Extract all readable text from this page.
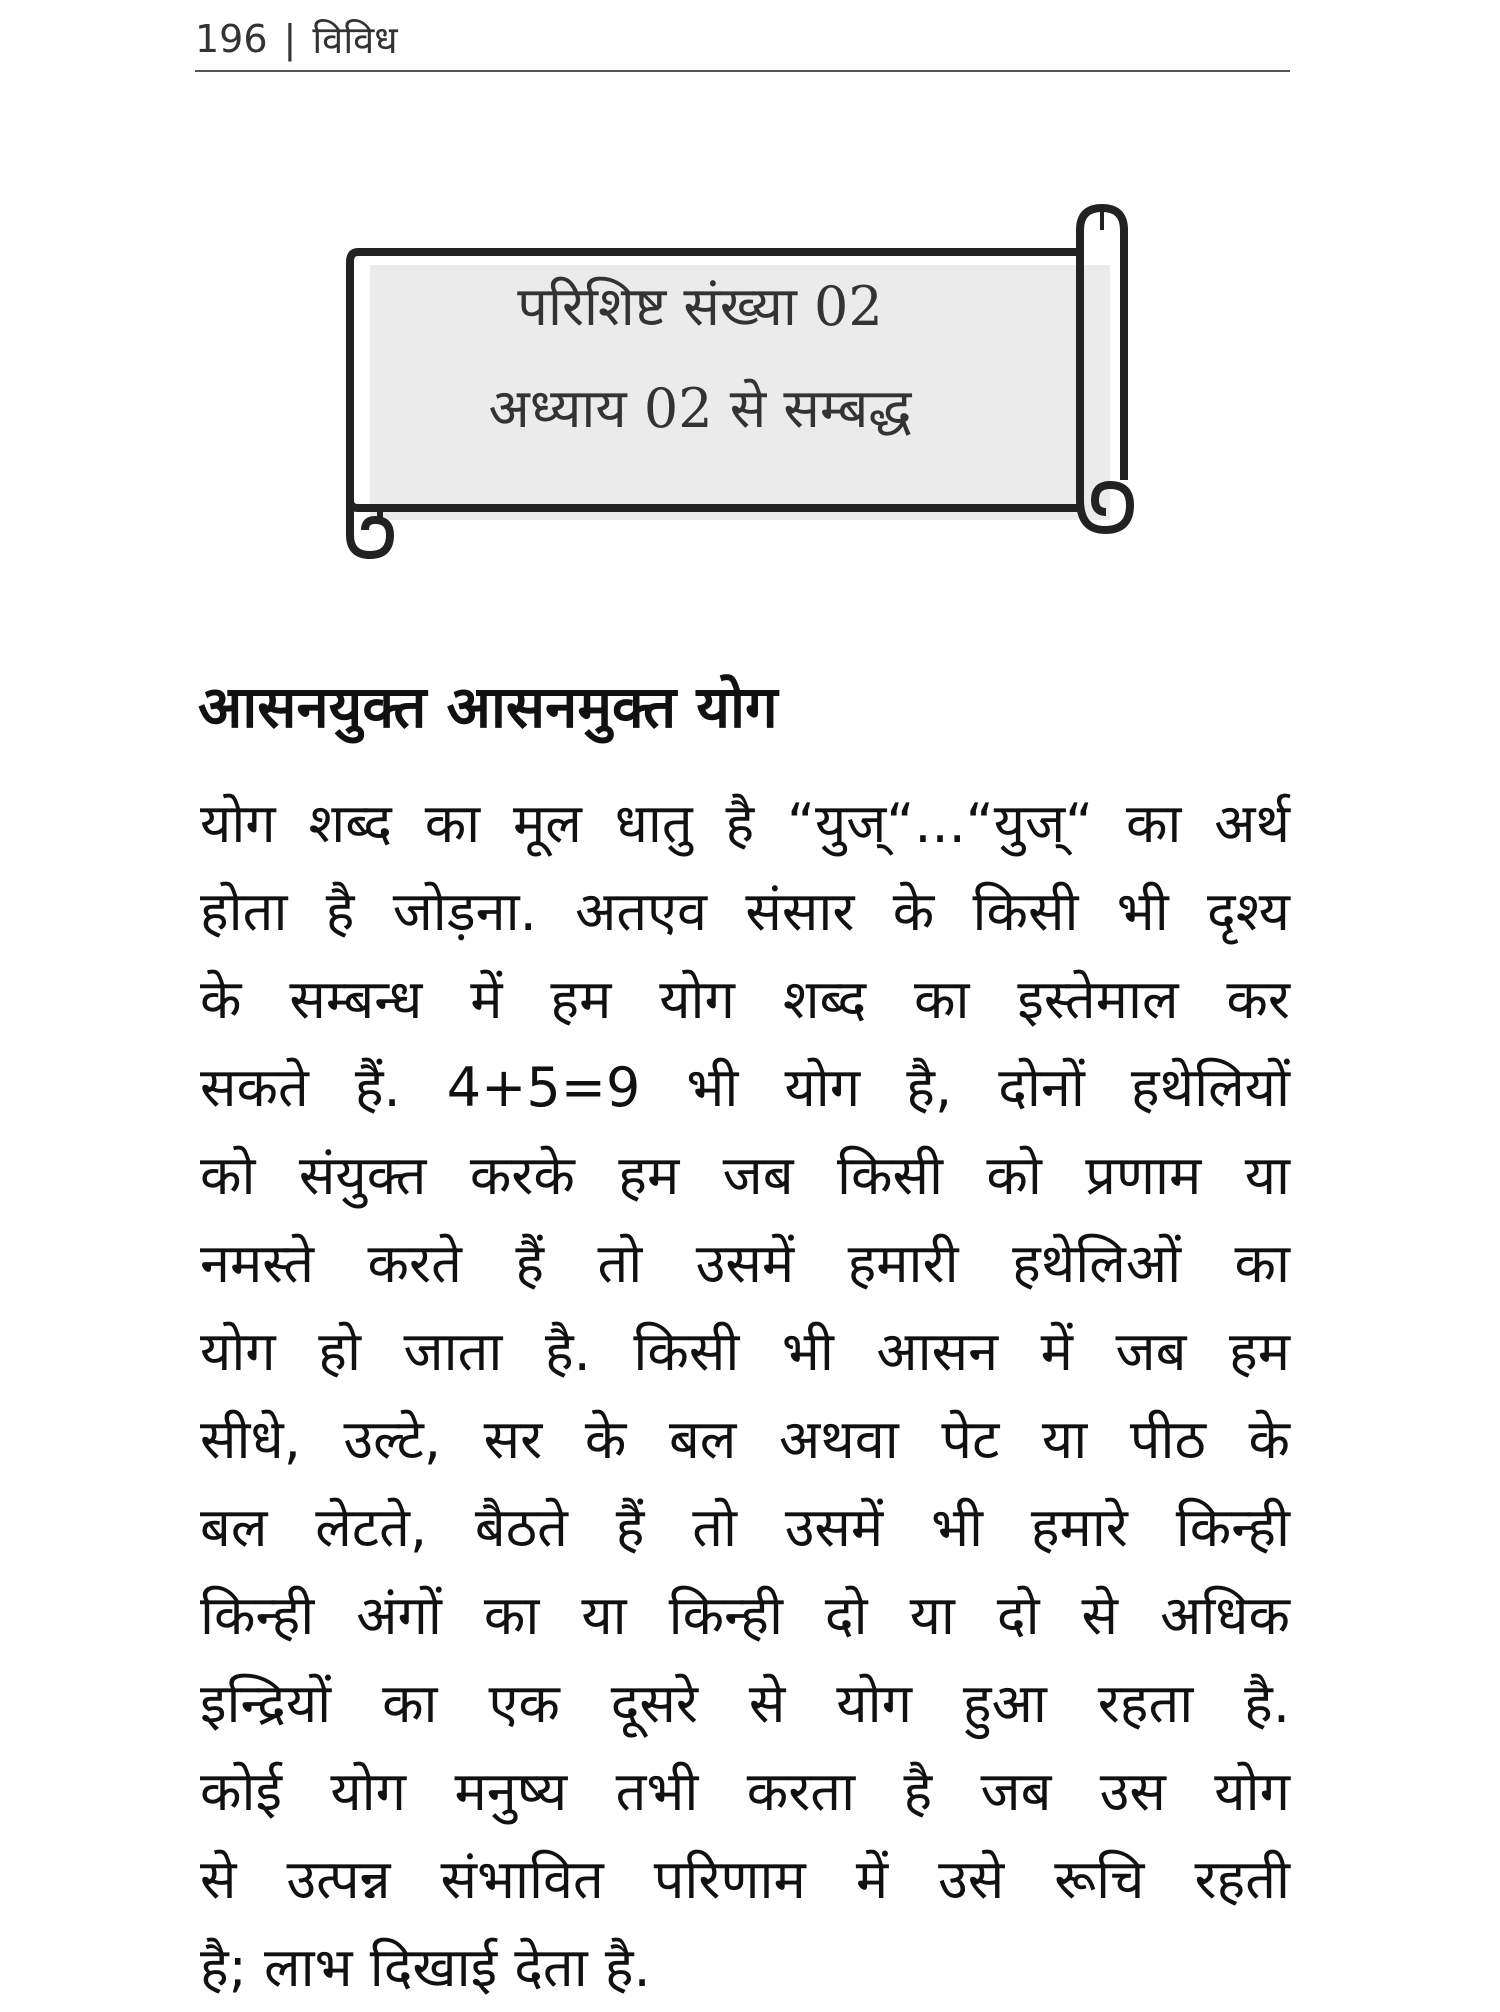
196 | विविध
परिशिष्ट संख्या 02
अध्याय 02 से सम्बद्ध
आसनयुक्त आसनमुक्त योग
योग शब्द का मूल धातु है “युज्“...“युज्“ का अर्थ
होता है जोड़ना. अतएव संसार के किसी भी दृश्य
के सम्बन्ध में हम योग शब्द का इस्तेमाल कर
सकते हैं. 4+5=9 भी योग है, दोनों हथेलियों
को संयुक्त करके हम जब किसी को प्रणाम या
नमस्ते करते हैं तो उसमें हमारी हथेलिओं का
योग हो जाता है. किसी भी आसन में जब हम
सीधे, उल्टे, सर के बल अथवा पेट या पीठ के
बल लेटते, बैठते हैं तो उसमें भी हमारे किन्ही
किन्ही अंगों का या किन्ही दो या दो से अधिक
इन्द्रियों का एक दूसरे से योग हुआ रहता है.
कोई योग मनुष्य तभी करता है जब उस योग
से उत्पन्न संभावित परिणाम में उसे रूचि रहती
है; लाभ दिखाई देता है.
